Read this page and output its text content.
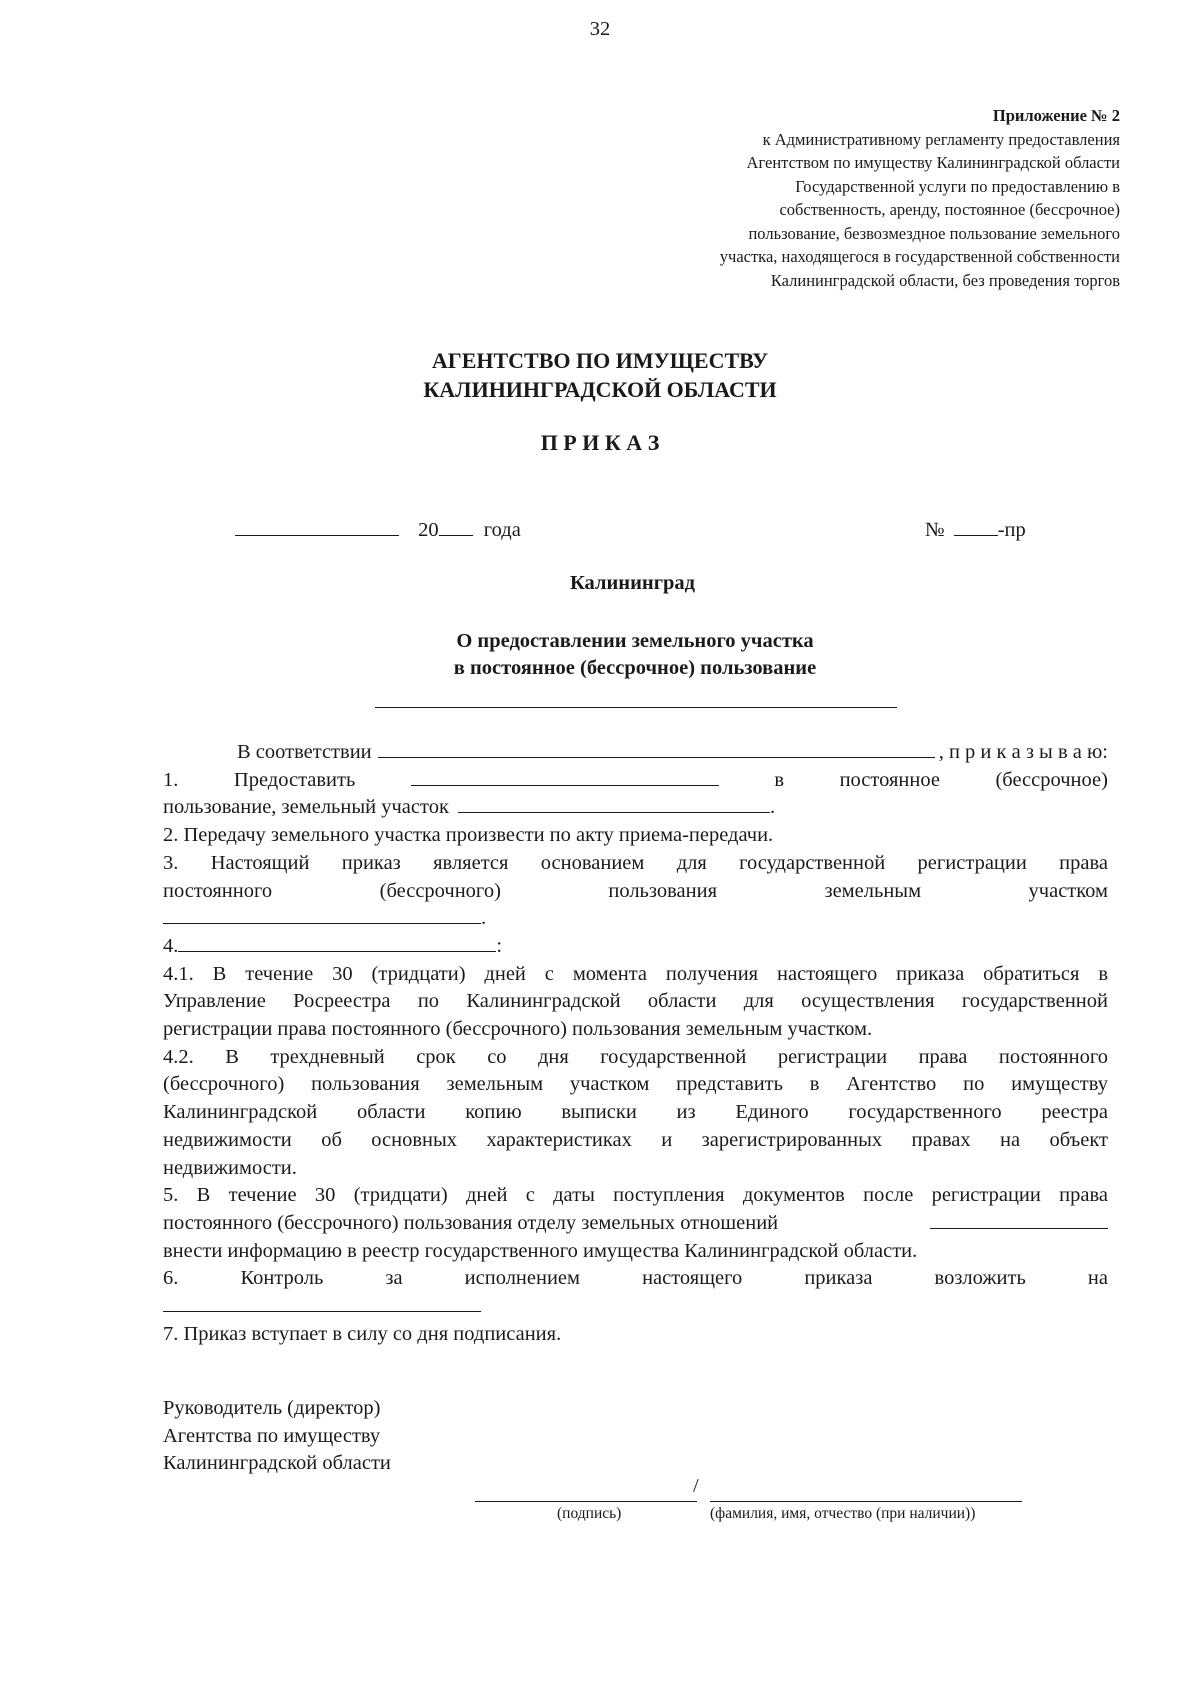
32
Приложение № 2
к Административному регламенту предоставления
Агентством по имуществу Калининградской области
Государственной услуги по предоставлению в
собственность, аренду, постоянное (бессрочное)
пользование, безвозмездное пользование земельного
участка, находящегося в государственной собственности
Калининградской области, без проведения торгов
АГЕНТСТВО ПО ИМУЩЕСТВУ
КАЛИНИНГРАДСКОЙ ОБЛАСТИ
П Р И К А З
20 года	№	-пр
Калининград
О предоставлении земельного участка
в постоянное (бессрочное) пользование
В соответствии	, п р и к а з ы в а ю:
1.	Предоставить	в	постоянное	(бессрочное)
пользование, земельный участок	.
2. Передачу земельного участка произвести по акту приема-передачи.
3. Настоящий приказ является основанием для государственной регистрации права
постоянного	(бессрочного)	пользования	земельным	участком
.
4.	:
4.1. В течение 30 (тридцати) дней с момента получения настоящего приказа обратиться в
Управление Росреестра по Калининградской области для осуществления государственной
регистрации права постоянного (бессрочного) пользования земельным участком.
4.2. В трехдневный срок со дня государственной регистрации права постоянного
(бессрочного) пользования земельным участком представить в Агентство по имуществу
Калининградской области копию выписки из Единого государственного реестра
недвижимости об основных характеристиках и зарегистрированных правах на объект
недвижимости.
5. В течение 30 (тридцати) дней с даты поступления документов после регистрации права
постоянного (бессрочного) пользования отделу земельных отношений
внести информацию в реестр государственного имущества Калининградской области.
6.	Контроль	за	исполнением	настоящего	приказа	возложить	на
7. Приказ вступает в силу со дня подписания.
Руководитель (директор)
Агентства по имуществу
Калининградской области
/
(подпись)	(фамилия, имя, отчество (при наличии))
